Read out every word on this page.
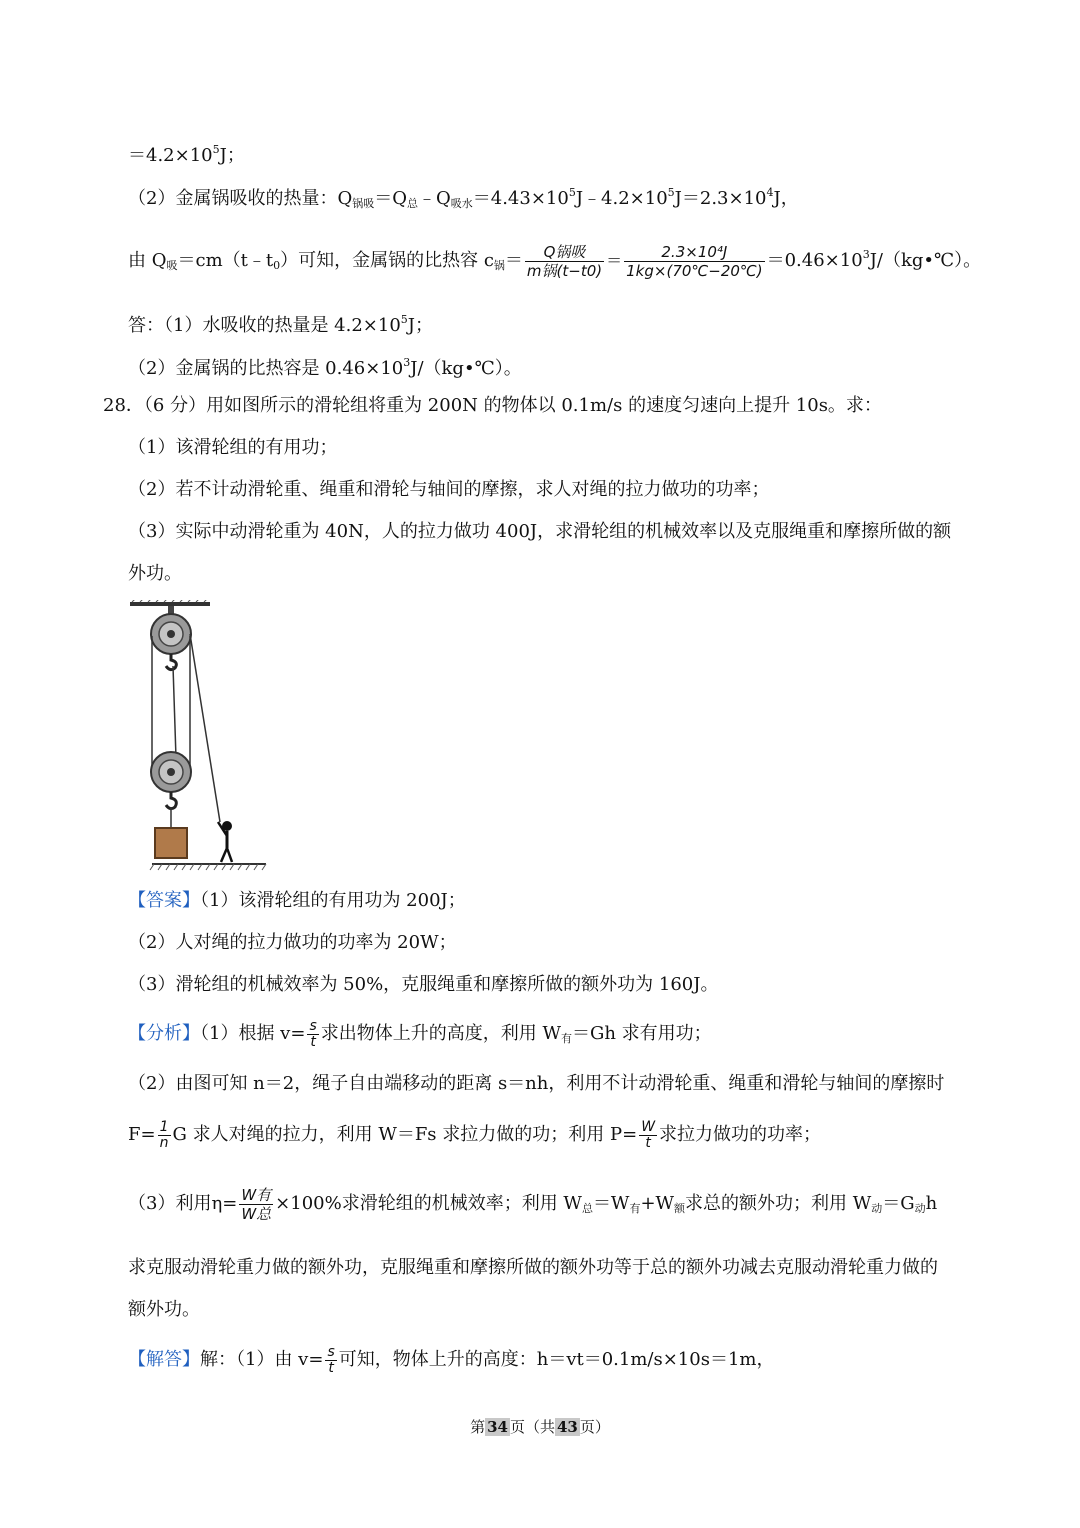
$=4.2\times 10^5J$；
（2）金属锅吸收的热量：$Q_{锅吸}=Q_总﹣Q_{吸水}=4.43\times 10^5J﹣4.2\times 10^5J=2.3\times 10^4J$，
由 $Q_吸=cm(t﹣t_0)$可知，金属锅的比热容 $c_锅= \frac{\text{Q锅吸}}{\text{m锅(t−t0)}} = \frac{\text{2.3×10⁴J}}{1kg\times(70℃-20℃)}$ $=0.46\times 10^3J/(kg•℃)$。
答：（1）水吸收的热量是 $4.2\times 10^5J$；
（2）金属锅的比热容是 $0.46\times 10^3J/(kg•℃)$。
28．（6 分）用如图所示的滑轮组将重为 200N 的物体以 0.1m/s 的速度匀速向上提升 10s。求：
（1）该滑轮组的有用功；
（2）若不计动滑轮重、绳重和滑轮与轴间的摩擦，求人对绳的拉力做功的功率；
（3）实际中动滑轮重为 40N，人的拉力做功 400J，求滑轮组的机械效率以及克服绳重和摩擦所做的额
外功。
【答案】（1）该滑轮组的有用功为 200J；
（2）人对绳的拉力做功的功率为 20W；
（3）滑轮组的机械效率为 50%，克服绳重和摩擦所做的额外功为 160J。
【分析】（1）根据 $v= \frac{s}{t}$ 求出物体上升的高度，利用 $W_有=Gh$ 求有用功；
（2）由图可知 n＝2，绳子自由端移动的距离 s＝nh，利用不计动滑轮重、绳重和滑轮与轴间的摩擦时
$F= \frac{1}{n}$ G 求人对绳的拉力，利用 W＝Fs 求拉力做的功；利用 $P= \frac{W}{t}$ 求拉力做功的功率；
（3）利用$\eta= \frac{\text{W有}}{\text{W总}} \times 100\%$求滑轮组的机械效率；利用 $W_总=W_有+W_额$求总的额外功；利用 $W_动=G_动h$
求克服动滑轮重力做的额外功，克服绳重和摩擦所做的额外功等于总的额外功减去克服动滑轮重力做的
额外功。
【解答】解：（1）由 $v= \frac{s}{t}$ 可知，物体上升的高度：h＝vt＝0.1m/s×10s＝1m，
第 34 页（共 43 页）
